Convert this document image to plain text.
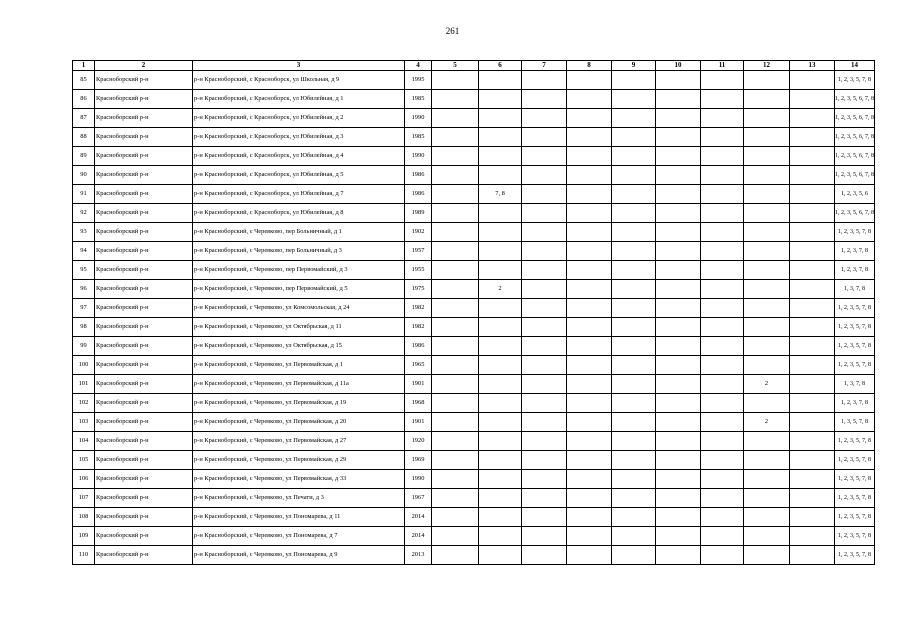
261
1	2	3	4	5	6	7	8	9	10	11	12	13	14
85	Красноборский р-н	р-н Красноборский, с Красноборск, ул Школьная, д 9	1995										1, 2, 3, 5, 7, 8
86	Красноборский р-н	р-н Красноборский, с Красноборск, ул Юбилейная, д 1	1985										1, 2, 3, 5, 6, 7, 8
87	Красноборский р-н	р-н Красноборский, с Красноборск, ул Юбилейная, д 2	1990										1, 2, 3, 5, 6, 7, 8
88	Красноборский р-н	р-н Красноборский, с Красноборск, ул Юбилейная, д 3	1985										1, 2, 3, 5, 6, 7, 8
89	Красноборский р-н	р-н Красноборский, с Красноборск, ул Юбилейная, д 4	1990										1, 2, 3, 5, 6, 7, 8
90	Красноборский р-н	р-н Красноборский, с Красноборск, ул Юбилейная, д 5	1986										1, 2, 3, 5, 6, 7, 8
91	Красноборский р-н	р-н Красноборский, с Красноборск, ул Юбилейная, д 7	1986		7, 8								1, 2, 3, 5, 6
92	Красноборский р-н	р-н Красноборский, с Красноборск, ул Юбилейная, д 8	1989										1, 2, 3, 5, 6, 7, 8
93	Красноборский р-н	р-н Красноборский, с Черевково, пер Больничный, д 1	1902										1, 2, 3, 5, 7, 8
94	Красноборский р-н	р-н Красноборский, с Черевково, пер Больничный, д 3	1957										1, 2, 3, 7, 8
95	Красноборский р-н	р-н Красноборский, с Черевково, пер Первомайский, д 3	1955										1, 2, 3, 7, 8
96	Красноборский р-н	р-н Красноборский, с Черевково, пер Первомайский, д 5	1975		2								1, 3, 7, 8
97	Красноборский р-н	р-н Красноборский, с Черевково, ул Комсомольская, д 24	1982										1, 2, 3, 5, 7, 8
98	Красноборский р-н	р-н Красноборский, с Черевково, ул Октябрьская, д 11	1982										1, 2, 3, 5, 7, 8
99	Красноборский р-н	р-н Красноборский, с Черевково, ул Октябрьская, д 15	1986										1, 2, 3, 5, 7, 8
100	Красноборский р-н	р-н Красноборский, с Черевково, ул Первомайская, д 1	1965										1, 2, 3, 5, 7, 8
101	Красноборский р-н	р-н Красноборский, с Черевково, ул Первомайская, д 11а	1901								2		1, 3, 7, 8
102	Красноборский р-н	р-н Красноборский, с Черевково, ул Первомайская, д 19	1968										1, 2, 3, 7, 8
103	Красноборский р-н	р-н Красноборский, с Черевково, ул Первомайская, д 20	1901								2		1, 3, 5, 7, 8
104	Красноборский р-н	р-н Красноборский, с Черевково, ул Первомайская, д 27	1920										1, 2, 3, 5, 7, 8
105	Красноборский р-н	р-н Красноборский, с Черевково, ул Первомайская, д 29	1969										1, 2, 3, 5, 7, 8
106	Красноборский р-н	р-н Красноборский, с Черевково, ул Первомайская, д 33	1990										1, 2, 3, 5, 7, 8
107	Красноборский р-н	р-н Красноборский, с Черевково, ул Печати, д 3	1967										1, 2, 3, 5, 7, 8
108	Красноборский р-н	р-н Красноборский, с Черевково, ул Пономарева, д 11	2014										1, 2, 3, 5, 7, 8
109	Красноборский р-н	р-н Красноборский, с Черевково, ул Пономарева, д 7	2014										1, 2, 3, 5, 7, 8
110	Красноборский р-н	р-н Красноборский, с Черевково, ул Пономарева, д 9	2013										1, 2, 3, 5, 7, 8
